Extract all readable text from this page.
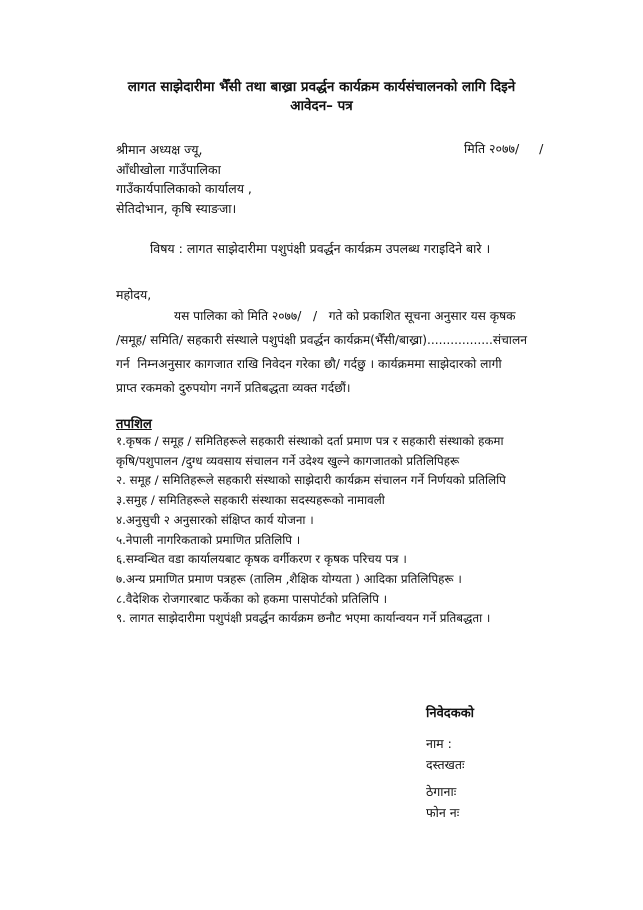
लागत साझेदारीमा भैँसी तथा बाख्रा प्रवर्द्धन कार्यक्रम कार्यसंचालनको लागि दिइने
आवेदन– पत्र
श्रीमान अध्यक्ष ज्यू,
आँधीखोला गाउँपालिका
गाउँकार्यपालिकाको कार्यालय ,
सेतिदोभान, कृषि स्याङजा।
मिति २०७७/     /
विषय : लागत साझेदारीमा पशुपंक्षी प्रवर्द्धन कार्यक्रम उपलब्ध गराइदिने बारे ।
महोदय,
यस पालिका को मिति २०७७/   /   गते को प्रकाशित सूचना अनुसार यस कृषक
/समूह/ समिति/ सहकारी संस्थाले पशुपंक्षी प्रवर्द्धन कार्यक्रम(भैँसी/बाख्रा).................संचालन
गर्न  निम्नअनुसार कागजात राखि निवेदन गरेका छौ/ गर्दछु । कार्यक्रममा साझेदारको लागी
प्राप्त रकमको दुरुपयोग नगर्ने प्रतिबद्धता व्यक्त गर्दछौं।
तपशिल
१.कृषक / समूह / समितिहरूले सहकारी संस्थाको दर्ता प्रमाण पत्र र सहकारी संस्थाको हकमा
कृषि/पशुपालन /दुग्ध व्यवसाय संचालन गर्ने उदेश्य खुल्ने कागजातको प्रतिलिपिहरू
२. समूह / समितिहरूले सहकारी संस्थाको साझेदारी कार्यक्रम संचालन गर्ने निर्णयको प्रतिलिपि
३.समुह / समितिहरूले सहकारी संस्थाका सदस्यहरूको नामावली
४.अनुसुची २ अनुसारको संक्षिप्त कार्य योजना ।
५.नेपाली नागरिकताको प्रमाणित प्रतिलिपि ।
६.सम्वन्धित वडा कार्यालयबाट कृषक वर्गीकरण र कृषक परिचय पत्र ।
७.अन्य प्रमाणित प्रमाण पत्रहरू (तालिम ,शैक्षिक योग्यता ) आदिका प्रतिलिपिहरू ।
८.वैदेशिक रोजगारबाट फर्केका को हकमा पासपोर्टको प्रतिलिपि ।
९. लागत साझेदारीमा पशुपंक्षी प्रवर्द्धन कार्यक्रम छनौट भएमा कार्यान्वयन गर्ने प्रतिबद्धता ।
निवेदकको
नाम :
दस्तखतः
ठेगानाः
फोन नः
